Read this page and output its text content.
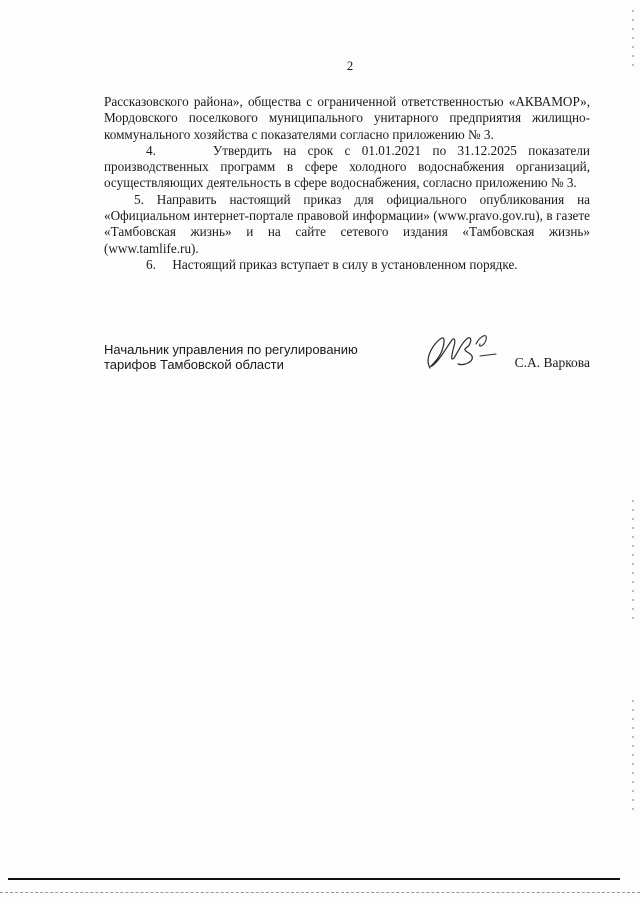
2

Рассказовского района», общества с ограниченной ответственностью «АКВАМОР», Мордовского поселкового муниципального унитарного предприятия жилищно-коммунального хозяйства с показателями согласно приложению № 3.

4.     Утвердить на срок с 01.01.2021 по 31.12.2025 показатели производственных программ в сфере холодного водоснабжения организаций, осуществляющих деятельность в сфере водоснабжения, согласно приложению № 3.

5. Направить настоящий приказ для официального опубликования на «Официальном интернет-портале правовой информации» (www.pravo.gov.ru), в газете «Тамбовская жизнь» и на сайте сетевого издания «Тамбовская жизнь» (www.tamlife.ru).

6.     Настоящий приказ вступает в силу в установленном порядке.

Начальник управления по регулированию тарифов Тамбовской области	С.А. Варкова
